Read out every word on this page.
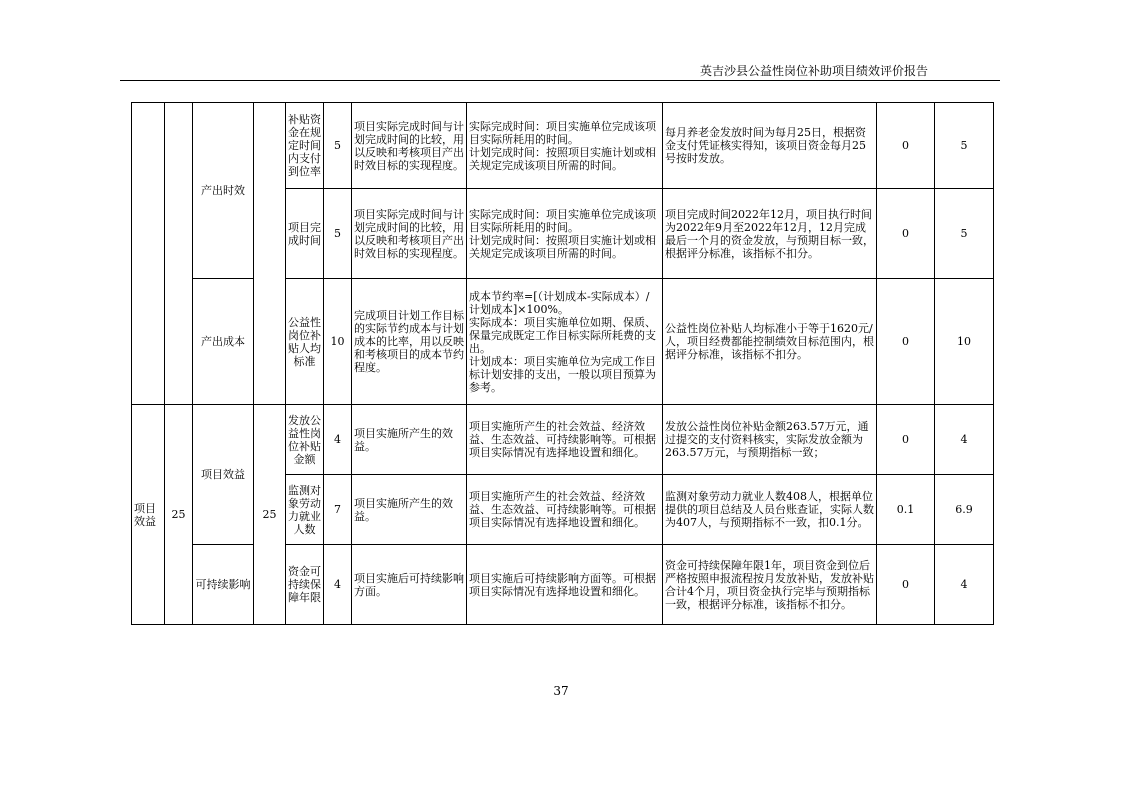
英吉沙县公益性岗位补助项目绩效评价报告
		产出时效		补贴资金在规定时间内支付到位率	5	项目实际完成时间与计划完成时间的比较，用以反映和考核项目产出时效目标的实现程度。	实际完成时间：项目实施单位完成该项目实际所耗用的时间。
计划完成时间：按照项目实施计划或相关规定完成该项目所需的时间。	每月养老金发放时间为每月25日，根据资金支付凭证核实得知，该项目资金每月25号按时发放。	0	5
				项目完成时间	5	项目实际完成时间与计划完成时间的比较，用以反映和考核项目产出时效目标的实现程度。	实际完成时间：项目实施单位完成该项目实际所耗用的时间。
计划完成时间：按照项目实施计划或相关规定完成该项目所需的时间。	项目完成时间2022年12月，项目执行时间为2022年9月至2022年12月，12月完成最后一个月的资金发放，与预期目标一致，根据评分标准，该指标不扣分。	0	5
		产出成本		公益性岗位补贴人均标准	10	完成项目计划工作目标的实际节约成本与计划成本的比率，用以反映和考核项目的成本节约程度。	成本节约率=[（计划成本-实际成本）/计划成本]×100%。
实际成本：项目实施单位如期、保质、保量完成既定工作目标实际所耗费的支出。
计划成本：项目实施单位为完成工作目标计划安排的支出，一般以项目预算为参考。	公益性岗位补贴人均标准小于等于1620元/人，项目经费都能控制绩效目标范围内，根据评分标准，该指标不扣分。	0	10
项目效益	25	项目效益	25	发放公益性岗位补贴金额	4	项目实施所产生的效益。	项目实施所产生的社会效益、经济效益、生态效益、可持续影响等。可根据项目实际情况有选择地设置和细化。	发放公益性岗位补贴金额263.57万元，通过提交的支付资料核实，实际发放金额为263.57万元，与预期指标一致；	0	4
				监测对象劳动力就业人数	7	项目实施所产生的效益。	项目实施所产生的社会效益、经济效益、生态效益、可持续影响等。可根据项目实际情况有选择地设置和细化。	监测对象劳动力就业人数408人，根据单位提供的项目总结及人员台账查证，实际人数为407人，与预期指标不一致，扣0.1分。	0.1	6.9
		可持续影响		资金可持续保障年限	4	项目实施后可持续影响方面。	项目实施后可持续影响方面等。可根据项目实际情况有选择地设置和细化。	资金可持续保障年限1年，项目资金到位后严格按照申报流程按月发放补贴，发放补贴合计4个月，项目资金执行完毕与预期指标一致，根据评分标准，该指标不扣分。	0	4
37
